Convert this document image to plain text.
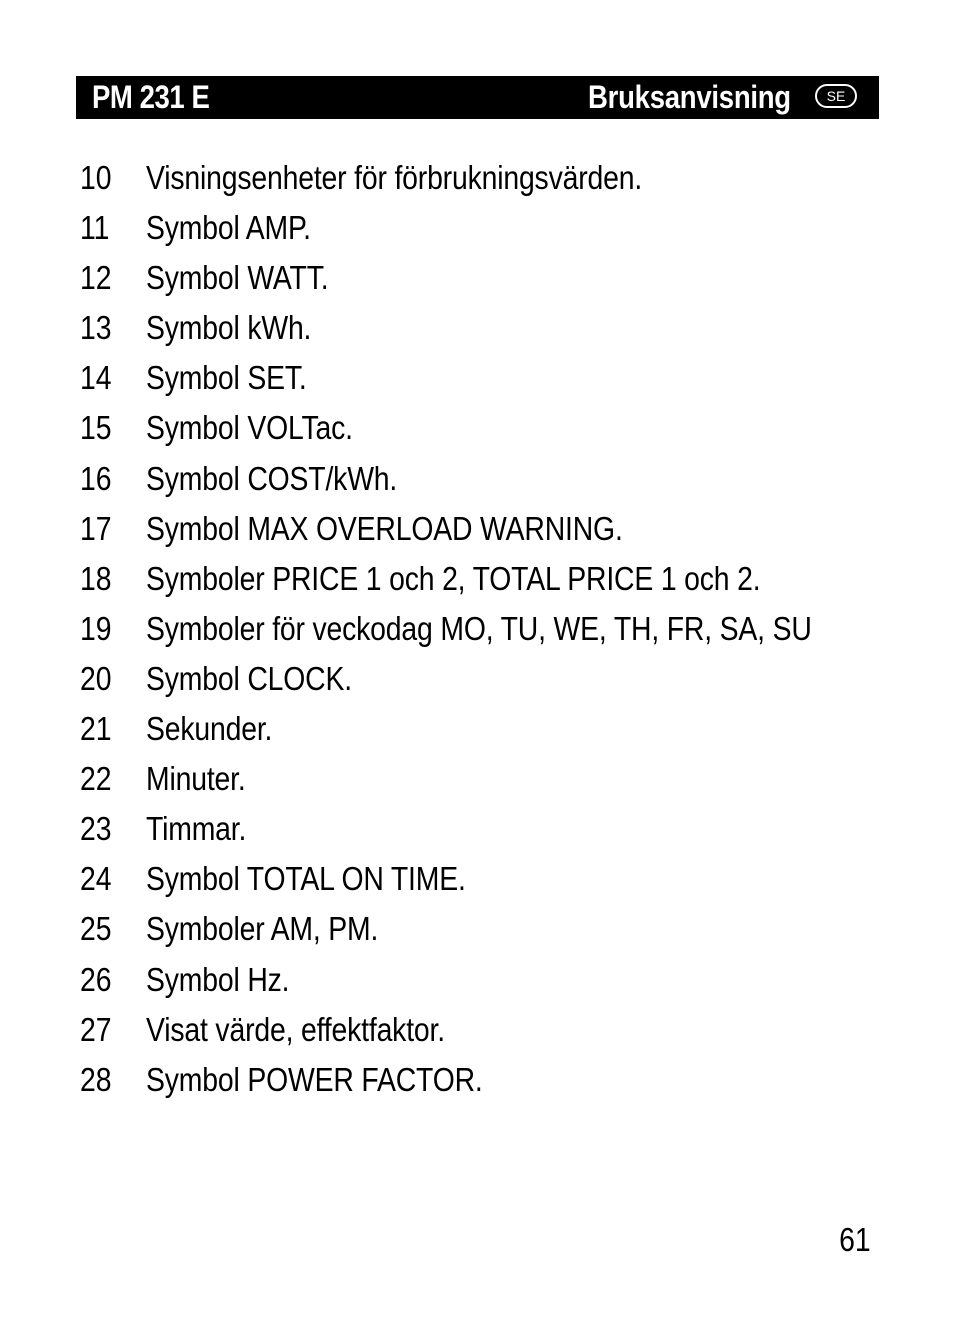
PM 231 E	Bruksanvisning	SE
10 Visningsenheter för förbrukningsvärden.
11 Symbol AMP.
12 Symbol WATT.
13 Symbol kWh.
14 Symbol SET.
15 Symbol VOLTac.
16 Symbol COST/kWh.
17 Symbol MAX OVERLOAD WARNING.
18 Symboler PRICE 1 och 2, TOTAL PRICE 1 och 2.
19 Symboler för veckodag MO, TU, WE, TH, FR, SA, SU
20 Symbol CLOCK.
21 Sekunder.
22 Minuter.
23 Timmar.
24 Symbol TOTAL ON TIME.
25 Symboler AM, PM.
26 Symbol Hz.
27 Visat värde, effektfaktor.
28 Symbol POWER FACTOR.
61
